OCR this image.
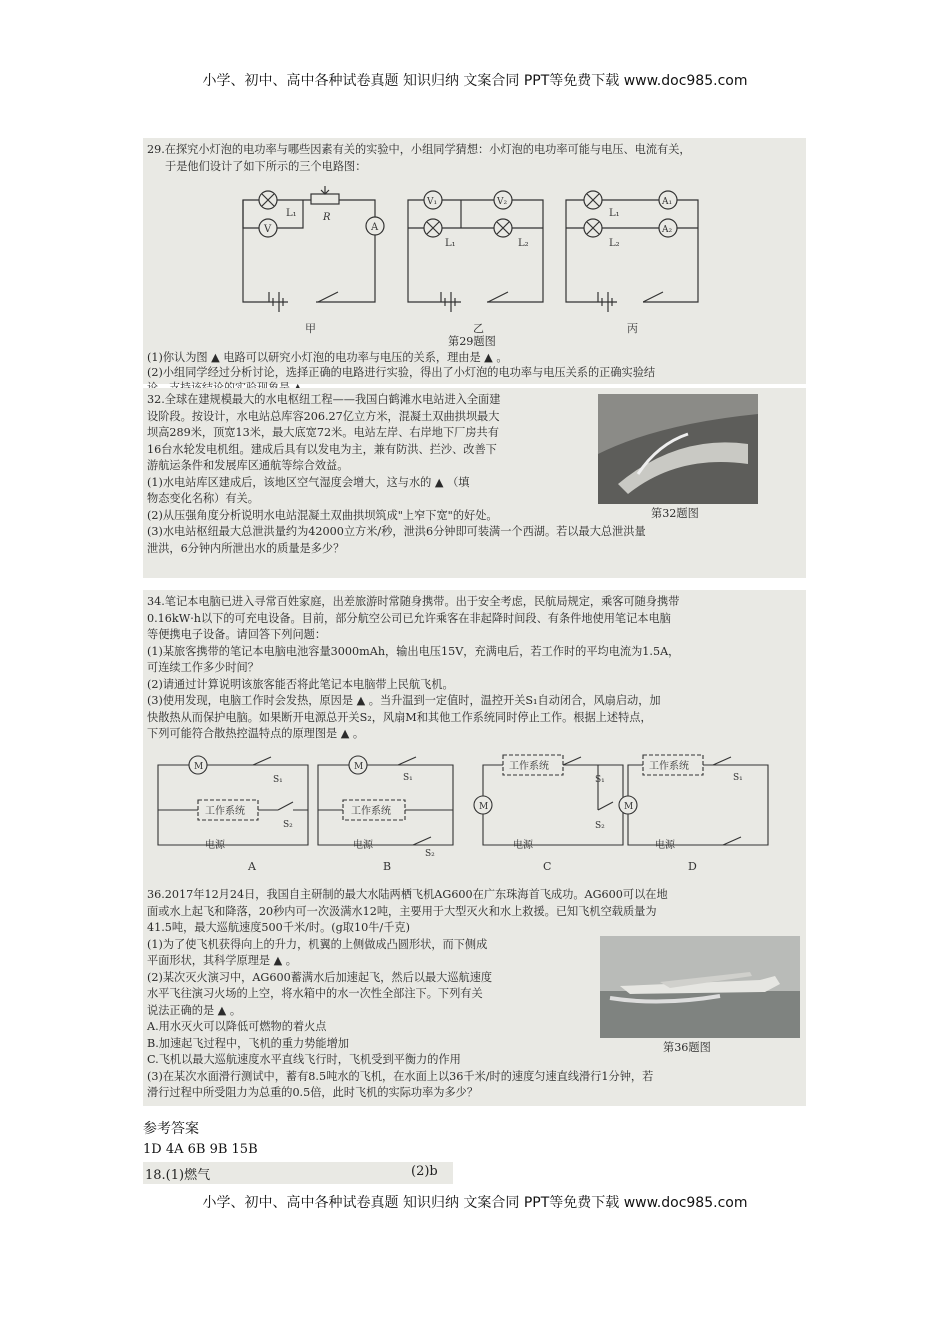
小学、初中、高中各种试卷真题 知识归纳 文案合同 PPT等免费下载 www.doc985.com

29.在探究小灯泡的电功率与哪些因素有关的实验中，小组同学猜想：小灯泡的电功率可能与电压、电流有关，

于是他们设计了如下所示的三个电路图：

L₁
V
R
A
甲
V₁	V₂
L₁	L₂
乙
L₁
L₂
A₁
A₂
丙

第29题图

(1)你认为图 ▲ 电路可以研究小灯泡的电功率与电压的关系，理由是 ▲ 。

(2)小组同学经过分析讨论，选择正确的电路进行实验，得出了小灯泡的电功率与电压关系的正确实验结

32.全球在建规模最大的水电枢纽工程——我国白鹤滩水电站进入全面建

设阶段。按设计，水电站总库容206.27亿立方米，混凝土双曲拱坝最大

坝高289米，顶宽13米，最大底宽72米。电站左岸、右岸地下厂房共有

16台水轮发电机组。建成后具有以发电为主，兼有防洪、拦沙、改善下

游航运条件和发展库区通航等综合效益。

(1)水电站库区建成后，该地区空气湿度会增大，这与水的 ▲ （填

物态变化名称）有关。

(2)从压强角度分析说明水电站混凝土双曲拱坝筑成"上窄下宽"的好处。

(3)水电站枢纽最大总泄洪量约为42000立方米/秒，泄洪6分钟即可装满一个西湖。若以最大总泄洪量

泄洪，6分钟内所泄出水的质量是多少？

第32题图

34.笔记本电脑已进入寻常百姓家庭，出差旅游时常随身携带。出于安全考虑，民航局规定，乘客可随身携带

0.16kW·h以下的可充电设备。目前，部分航空公司已允许乘客在非起降时间段、有条件地使用笔记本电脑

等便携电子设备。请回答下列问题：

(1)某旅客携带的笔记本电脑电池容量3000mAh，输出电压15V，充满电后，若工作时的平均电流为1.5A，

可连续工作多少时间？

(2)请通过计算说明该旅客能否将此笔记本电脑带上民航飞机。

(3)使用发现，电脑工作时会发热，原因是 ▲ 。当升温到一定值时，温控开关S₁自动闭合，风扇启动，加

快散热从而保护电脑。如果断开电源总开关S₂，风扇M和其他工作系统同时停止工作。根据上述特点，

下列可能符合散热控温特点的原理图是 ▲ 。

M
S₁
工作系统
S₂
电源
A
M
S₁
工作系统
电源
S₂
B
M
工作系统
S₁
S₂
电源
C
M
工作系统
S₁
电源
D

36.2017年12月24日，我国自主研制的最大水陆两栖飞机AG600在广东珠海首飞成功。AG600可以在地

面或水上起飞和降落，20秒内可一次汲满水12吨，主要用于大型灭火和水上救援。已知飞机空载质量为

41.5吨，最大巡航速度500千米/时。(g取10牛/千克)

(1)为了使飞机获得向上的升力，机翼的上侧做成凸圆形状，而下侧成

平面形状，其科学原理是 ▲ 。

(2)某次灭火演习中，AG600蓄满水后加速起飞，然后以最大巡航速度

水平飞往演习火场的上空，将水箱中的水一次性全部注下。下列有关

说法正确的是 ▲ 。

A.用水灭火可以降低可燃物的着火点

B.加速起飞过程中，飞机的重力势能增加

C.飞机以最大巡航速度水平直线飞行时，飞机受到平衡力的作用

(3)在某次水面滑行测试中，蓄有8.5吨水的飞机，在水面上以36千米/时的速度匀速直线滑行1分钟，若

滑行过程中所受阻力为总重的0.5倍，此时飞机的实际功率为多少？

第36题图

参考答案
1D 4A 6B 9B 15B
18.(1)燃气	(2)b
小学、初中、高中各种试卷真题 知识归纳 文案合同 PPT等免费下载 www.doc985.com
